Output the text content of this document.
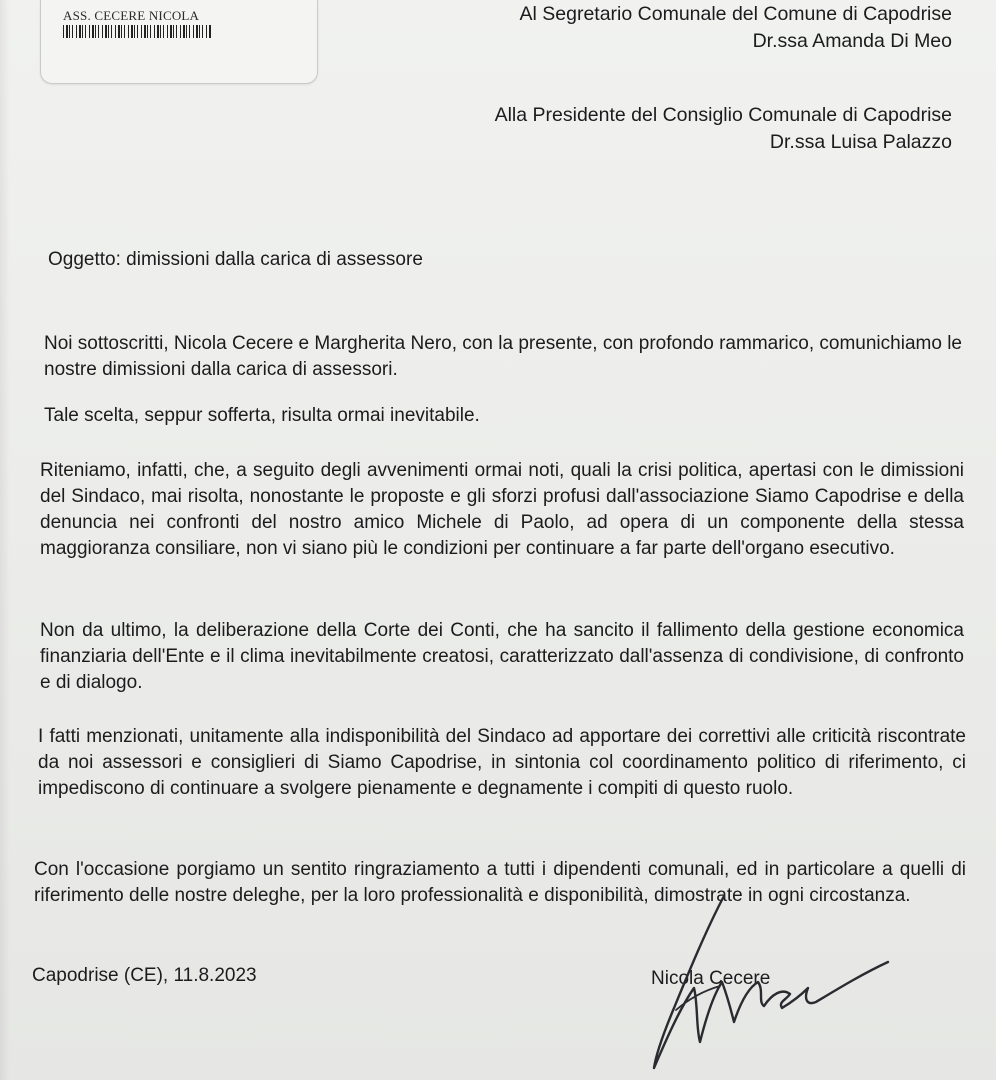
ASS. CECERE NICOLA	Al Segretario Comunale del Comune di Capodrise
Dr.ssa Amanda Di Meo
Alla Presidente del Consiglio Comunale di Capodrise
Dr.ssa Luisa Palazzo
Oggetto: dimissioni dalla carica di assessore
Noi sottoscritti, Nicola Cecere e Margherita Nero, con la presente, con profondo rammarico, comunichiamo le nostre dimissioni dalla carica di assessori.
Tale scelta, seppur sofferta, risulta ormai inevitabile.
Riteniamo, infatti, che, a seguito degli avvenimenti ormai noti, quali la crisi politica, apertasi con le dimissioni del Sindaco, mai risolta, nonostante le proposte e gli sforzi profusi dall'associazione Siamo Capodrise e della denuncia nei confronti del nostro amico Michele di Paolo, ad opera di un componente della stessa maggioranza consiliare, non vi siano più le condizioni per continuare a far parte dell'organo esecutivo.
Non da ultimo, la deliberazione della Corte dei Conti, che ha sancito il fallimento della gestione economica finanziaria dell'Ente e il clima inevitabilmente creatosi, caratterizzato dall'assenza di condivisione, di confronto e di dialogo.
I fatti menzionati, unitamente alla indisponibilità del Sindaco ad apportare dei correttivi alle criticità riscontrate da noi assessori e consiglieri di Siamo Capodrise, in sintonia col coordinamento politico di riferimento, ci impediscono di continuare a svolgere pienamente e degnamente i compiti di questo ruolo.
Con l'occasione porgiamo un sentito ringraziamento a tutti i dipendenti comunali, ed in particolare a quelli di riferimento delle nostre deleghe, per la loro professionalità e disponibilità, dimostrate in ogni circostanza.
Capodrise (CE), 11.8.2023	Nicola Cecere
